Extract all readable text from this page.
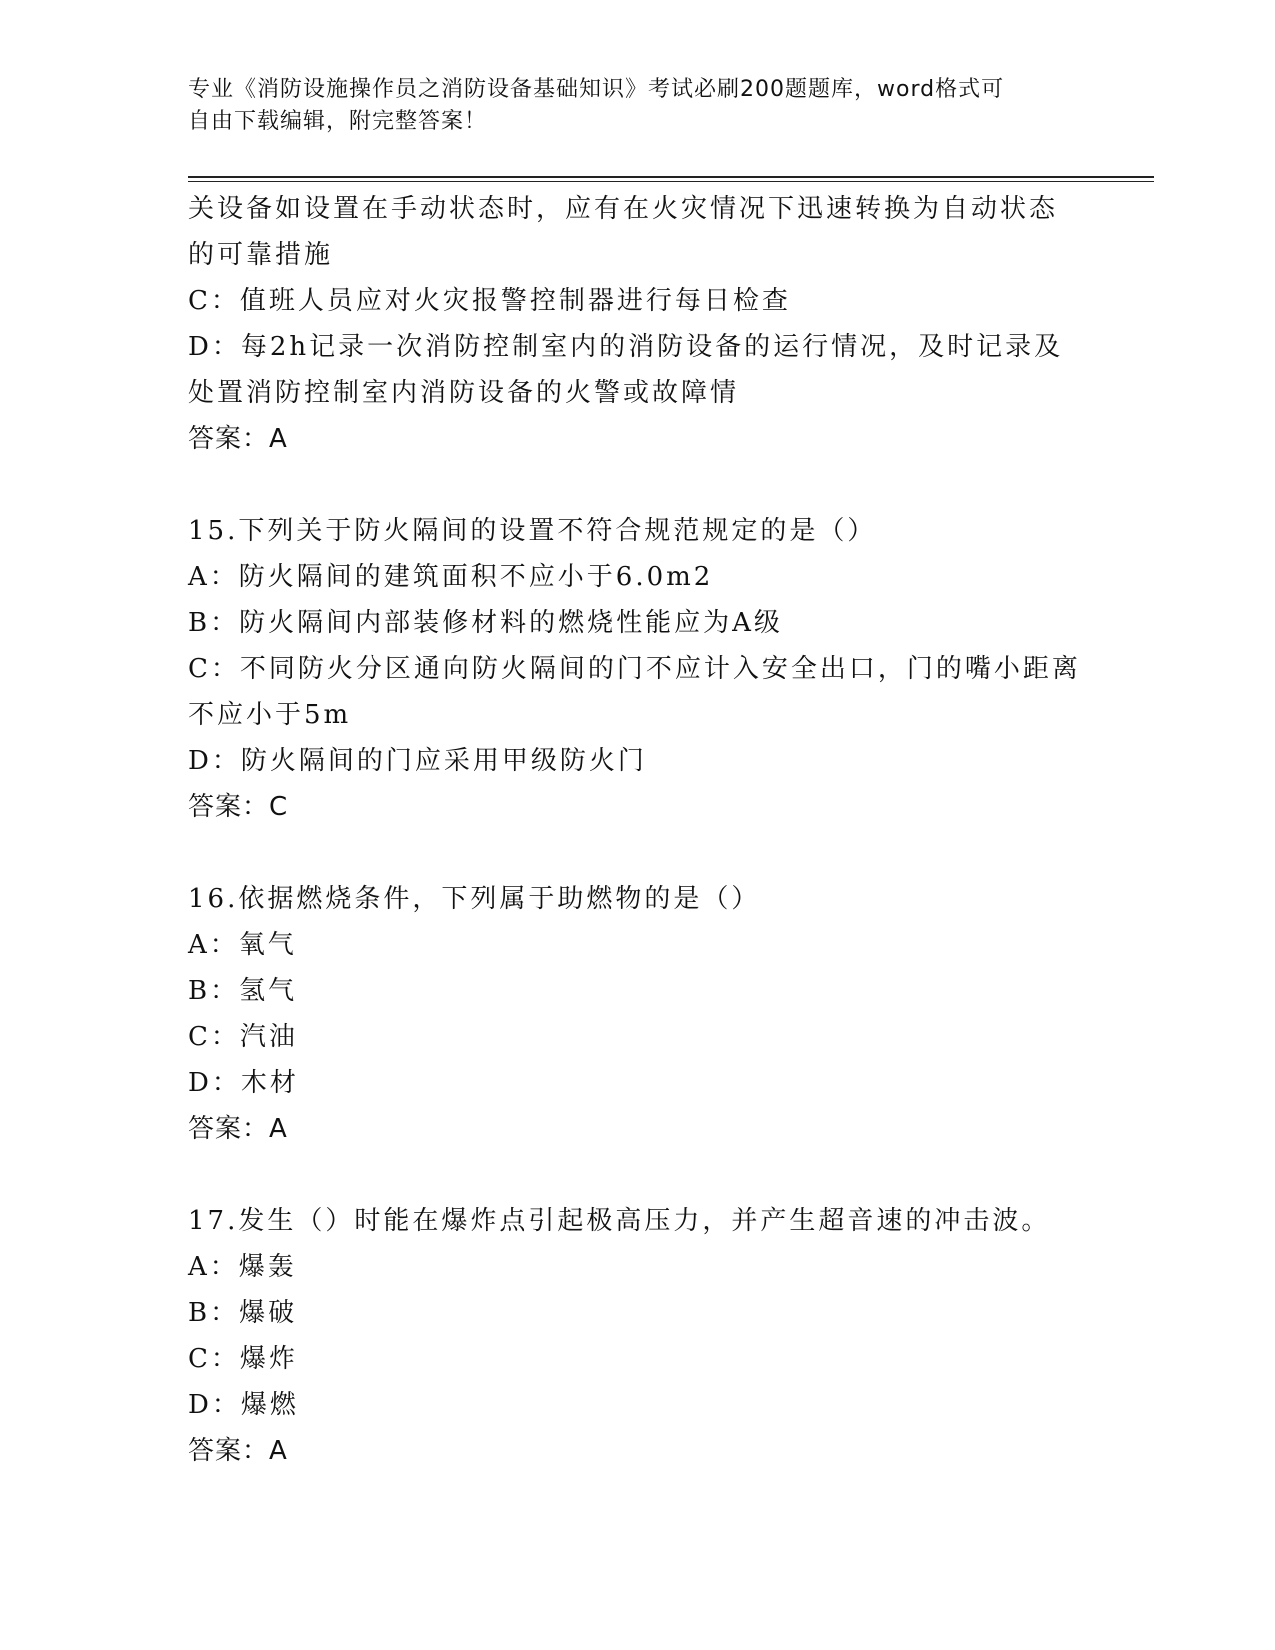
专业《消防设施操作员之消防设备基础知识》考试必刷200题题库，word格式可
自由下载编辑，附完整答案！
关设备如设置在手动状态时，应有在火灾情况下迅速转换为自动状态
的可靠措施
C：值班人员应对火灾报警控制器进行每日检查
D：每2h记录一次消防控制室内的消防设备的运行情况，及时记录及
处置消防控制室内消防设备的火警或故障情
答案：A
15.下列关于防火隔间的设置不符合规范规定的是（）
A：防火隔间的建筑面积不应小于6.0m2
B：防火隔间内部装修材料的燃烧性能应为A级
C：不同防火分区通向防火隔间的门不应计入安全出口，门的嘴小距离
不应小于5m
D：防火隔间的门应采用甲级防火门
答案：C
16.依据燃烧条件，下列属于助燃物的是（）
A：氧气
B：氢气
C：汽油
D：木材
答案：A
17.发生（）时能在爆炸点引起极高压力，并产生超音速的冲击波。
A：爆轰
B：爆破
C：爆炸
D：爆燃
答案：A
